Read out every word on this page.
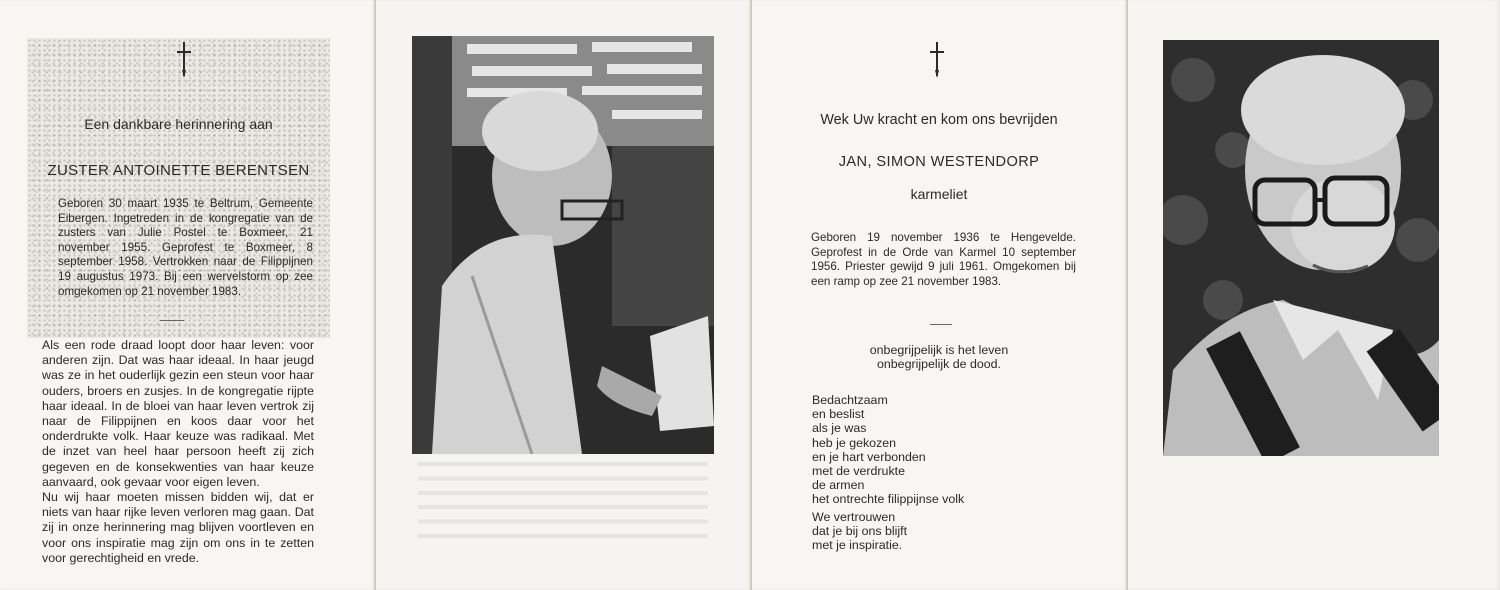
Een dankbare herinnering aan
ZUSTER ANTOINETTE BERENTSEN
Geboren 30 maart 1935 te Beltrum, Gemeente Eibergen. Ingetreden in de kongregatie van de zusters van Julie Postel te Boxmeer, 21 november 1955. Geprofest te Boxmeer, 8 september 1958. Vertrokken naar de Filippijnen 19 augustus 1973. Bij een wervelstorm op zee omgekomen op 21 november 1983.

Als een rode draad loopt door haar leven: voor anderen zijn. Dat was haar ideaal. In haar jeugd was ze in het ouderlijk gezin een steun voor haar ouders, broers en zusjes. In de kongregatie rijpte haar ideaal. In de bloei van haar leven vertrok zij naar de Filippijnen en koos daar voor het onderdrukte volk. Haar keuze was radikaal. Met de inzet van heel haar persoon heeft zij zich gegeven en de konsekwenties van haar keuze aanvaard, ook gevaar voor eigen leven.

Nu wij haar moeten missen bidden wij, dat er niets van haar rijke leven verloren mag gaan. Dat zij in onze herinnering mag blijven voortleven en voor ons inspiratie mag zijn om ons in te zetten voor gerechtigheid en vrede.

Wek Uw kracht en kom ons bevrijden
JAN, SIMON WESTENDORP
karmeliet
Geboren 19 november 1936 te Hengevelde. Geprofest in de Orde van Karmel 10 september 1956. Priester gewijd 9 juli 1961. Omgekomen bij een ramp op zee 21 november 1983.
onbegrijpelijk is het leven
onbegrijpelijk de dood.
Bedachtzaam
en beslist
als je was
heb je gekozen
en je hart verbonden
met de verdrukte
de armen
het ontrechte filippijnse volk
We vertrouwen
dat je bij ons blijft
met je inspiratie.
